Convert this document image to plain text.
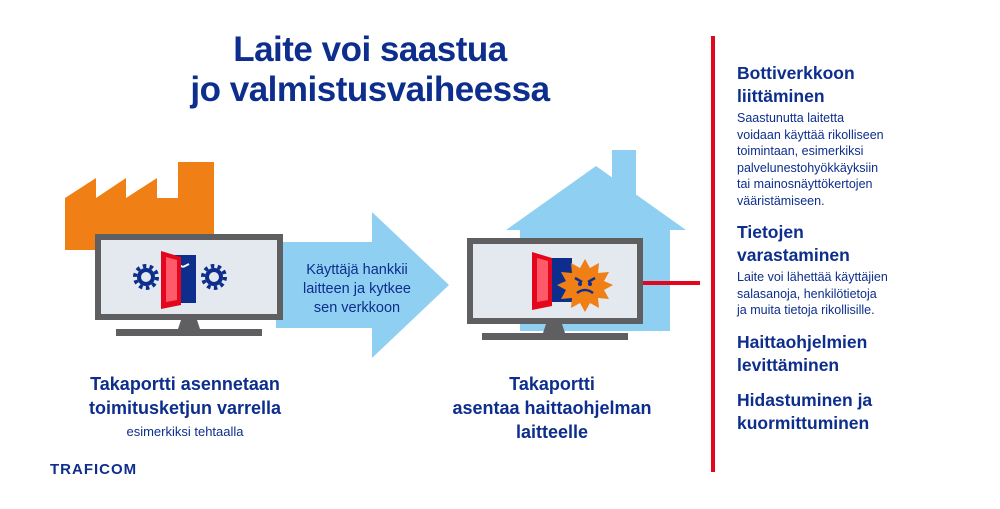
Laite voi saastua
jo valmistusvaiheessa
Käyttäjä hankkii
laitteen ja kytkee
sen verkkoon
Takaportti asennetaan
toimitusketjun varrella
esimerkiksi tehtaalla
Takaportti
asentaa haittaohjelman
laitteelle
TRAFICOM
Bottiverkkoon
liittäminen
Saastunutta laitetta
voidaan käyttää rikolliseen
toimintaan, esimerkiksi
palvelunestohyökkäyksiin
tai mainosnäyttökertojen
vääristämiseen.
Tietojen
varastaminen
Laite voi lähettää käyttäjien
salasanoja, henkilötietoja
ja muita tietoja rikollisille.
Haittaohjelmien
levittäminen
Hidastuminen ja
kuormittuminen
